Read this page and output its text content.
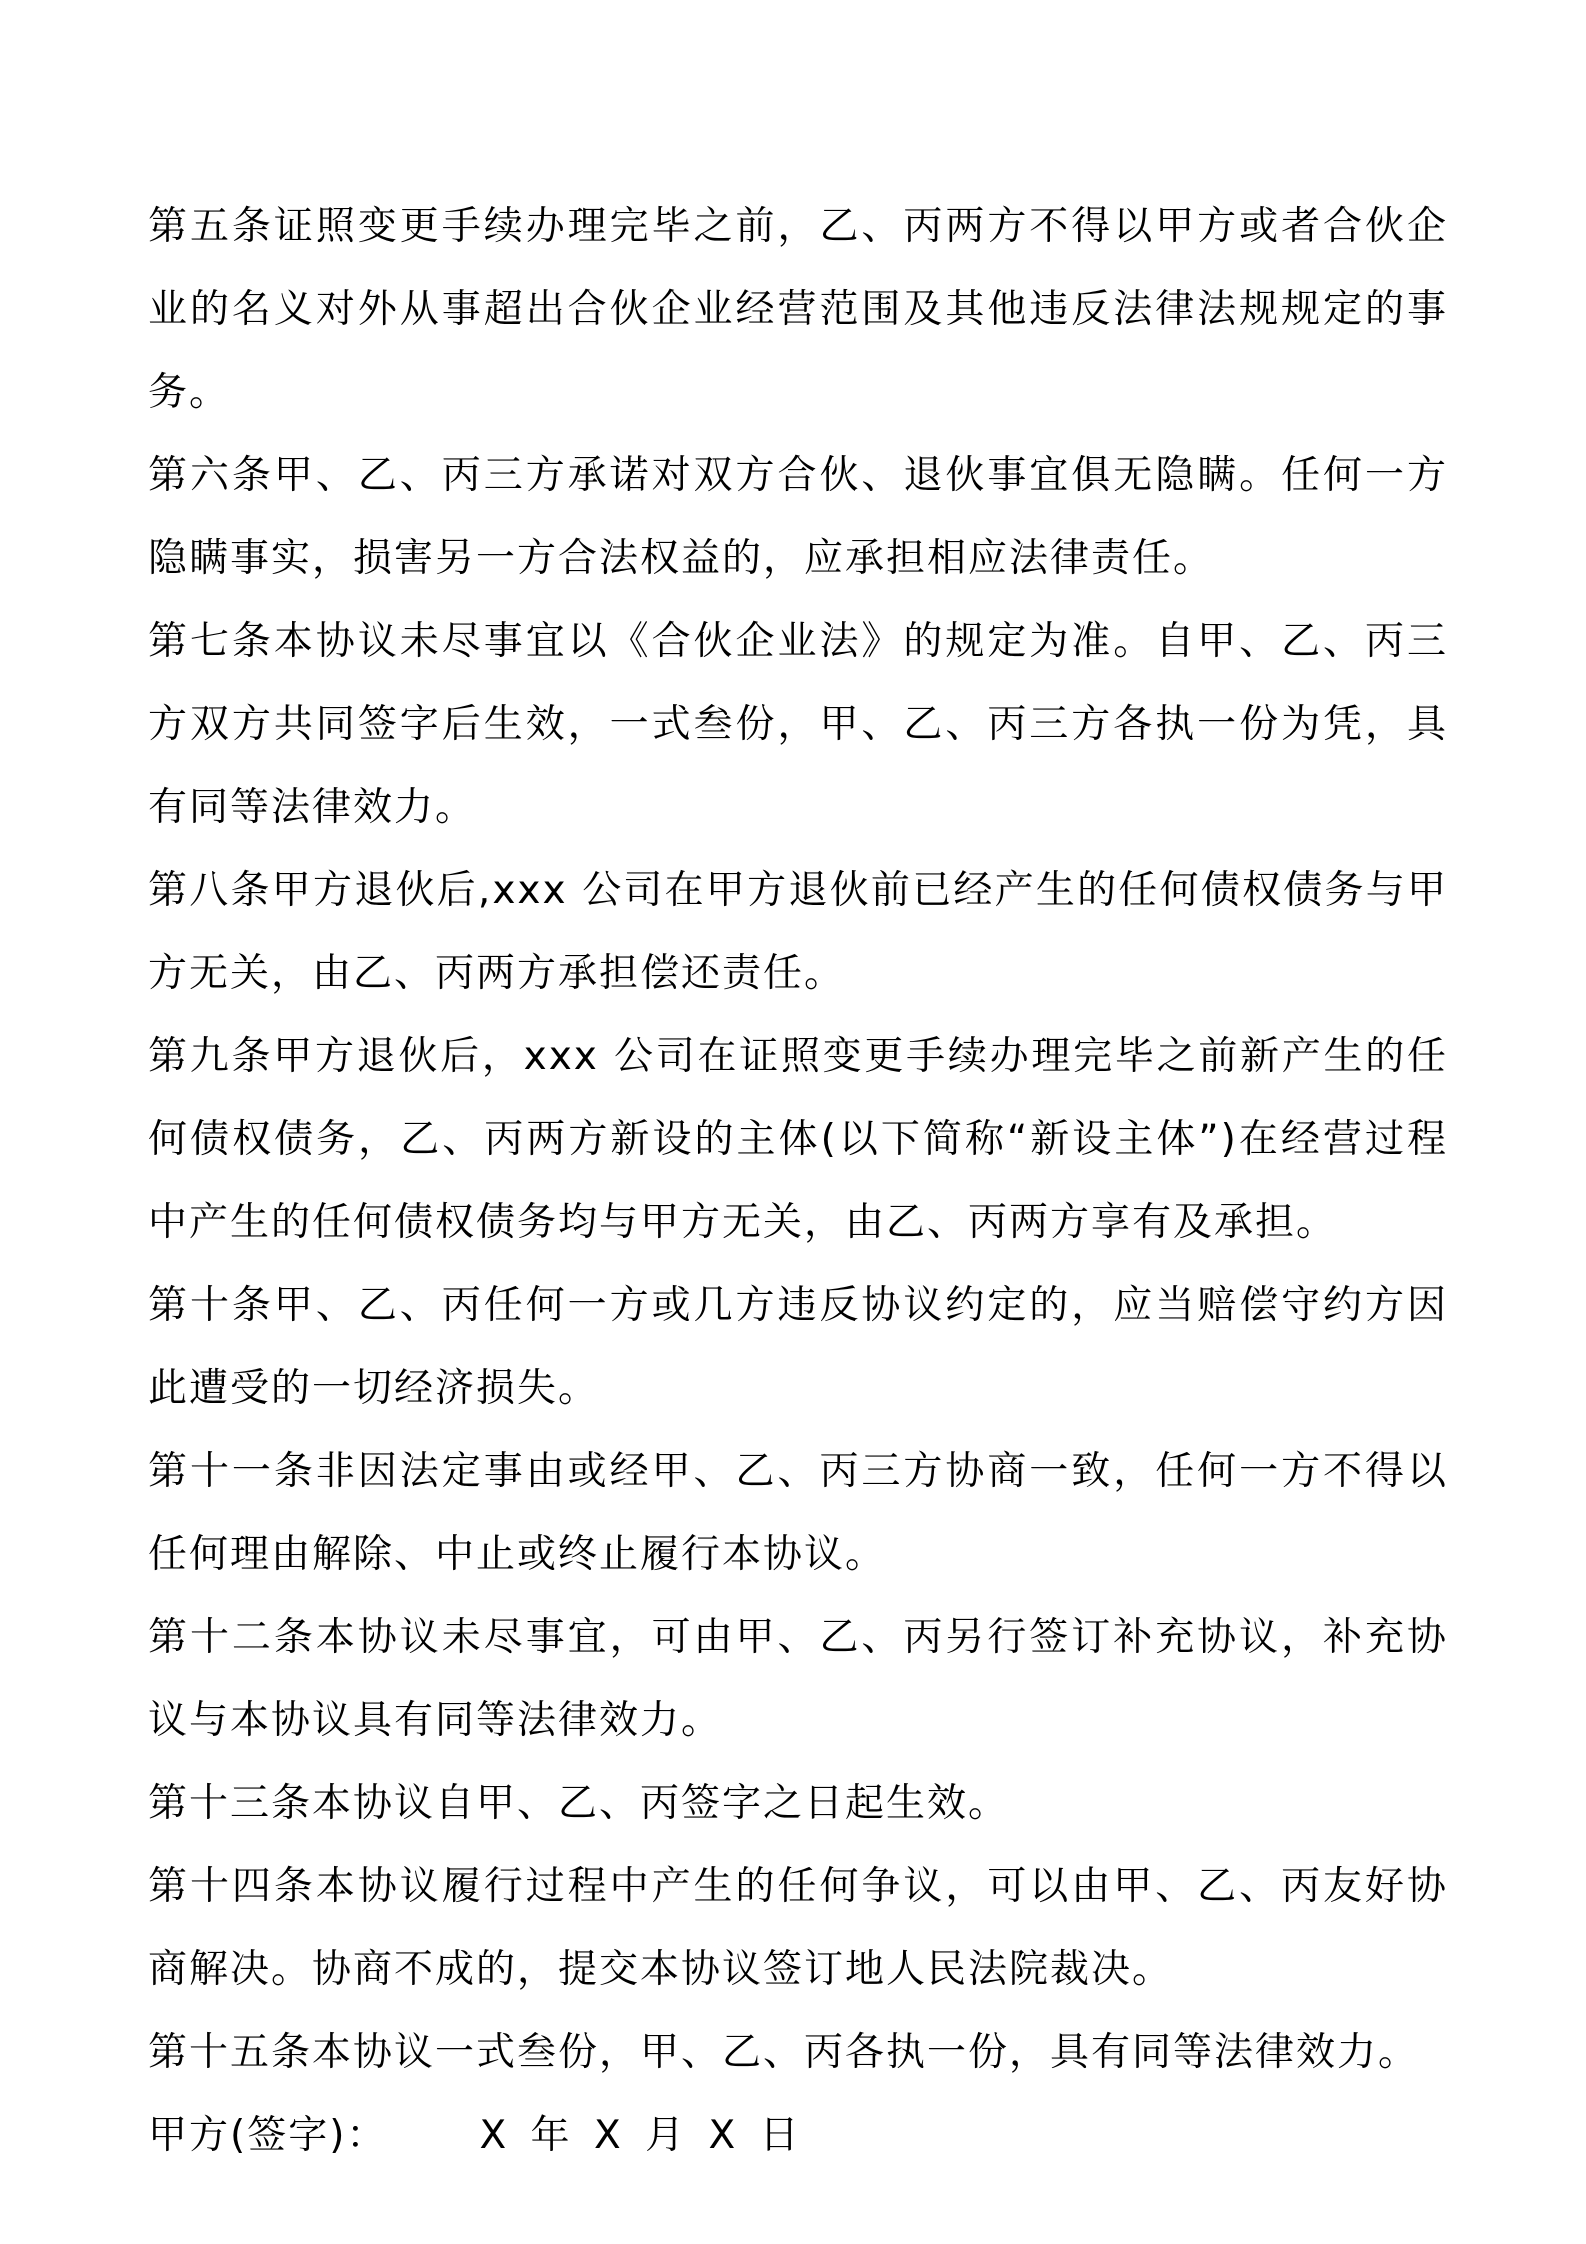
第五条证照变更手续办理完毕之前，乙、丙两方不得以甲方或者合伙企业的名义对外从事超出合伙企业经营范围及其他违反法律法规规定的事务。

第六条甲、乙、丙三方承诺对双方合伙、退伙事宜俱无隐瞒。任何一方隐瞒事实，损害另一方合法权益的，应承担相应法律责任。

第七条本协议未尽事宜以《合伙企业法》的规定为准。自甲、乙、丙三方双方共同签字后生效，一式叁份，甲、乙、丙三方各执一份为凭，具有同等法律效力。

第八条甲方退伙后,xxx 公司在甲方退伙前已经产生的任何债权债务与甲方无关，由乙、丙两方承担偿还责任。

第九条甲方退伙后，xxx 公司在证照变更手续办理完毕之前新产生的任何债权债务，乙、丙两方新设的主体(以下简称“新设主体”)在经营过程中产生的任何债权债务均与甲方无关，由乙、丙两方享有及承担。

第十条甲、乙、丙任何一方或几方违反协议约定的，应当赔偿守约方因此遭受的一切经济损失。

第十一条非因法定事由或经甲、乙、丙三方协商一致，任何一方不得以任何理由解除、中止或终止履行本协议。

第十二条本协议未尽事宜，可由甲、乙、丙另行签订补充协议，补充协议与本协议具有同等法律效力。

第十三条本协议自甲、乙、丙签字之日起生效。

第十四条本协议履行过程中产生的任何争议，可以由甲、乙、丙友好协商解决。协商不成的，提交本协议签订地人民法院裁决。

第十五条本协议一式叁份，甲、乙、丙各执一份，具有同等法律效力。

甲方(签字)： X 年 X 月 X 日
